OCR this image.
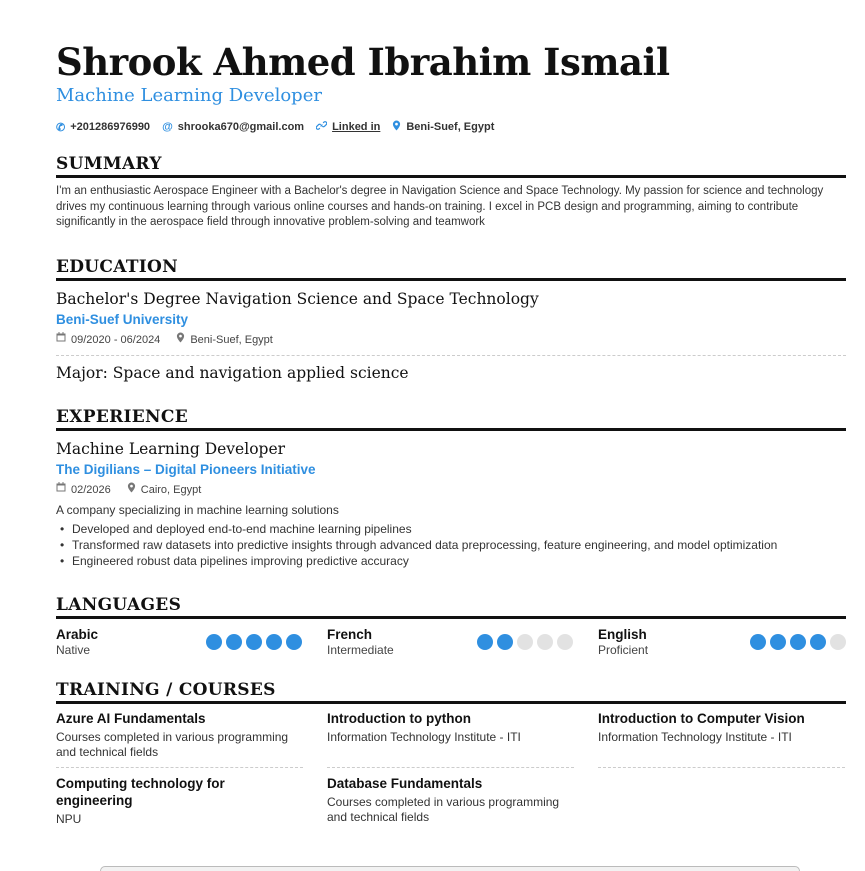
Shrook Ahmed Ibrahim Ismail
Machine Learning Developer
✆ +201286976990 @ shrooka670@gmail.com	Linked in Beni-Suef, Egypt
SUMMARY
I'm an enthusiastic Aerospace Engineer with a Bachelor's degree in Navigation Science and Space Technology. My passion for science and technology drives my continuous learning through various online courses and hands-on training. I excel in PCB design and programming, aiming to contribute significantly in the aerospace field through innovative problem-solving and teamwork
EDUCATION
Bachelor's Degree Navigation Science and Space Technology
Beni-Suef University
09/2020 - 06/2024	Beni-Suef, Egypt
Major: Space and navigation applied science
EXPERIENCE
Machine Learning Developer
The Digilians – Digital Pioneers Initiative
02/2026	Cairo, Egypt
A company specializing in machine learning solutions
• Developed and deployed end-to-end machine learning pipelines
• Transformed raw datasets into predictive insights through advanced data preprocessing, feature engineering, and model optimization
• Engineered robust data pipelines improving predictive accuracy
LANGUAGES
Arabic
Native
French
Intermediate
English
Proficient
TRAINING / COURSES
Azure AI Fundamentals
Courses completed in various programming and technical fields
Introduction to python
Information Technology Institute - ITI
Introduction to Computer Vision
Information Technology Institute - ITI
Computing technology for engineering
NPU
Database Fundamentals
Courses completed in various programming and technical fields
